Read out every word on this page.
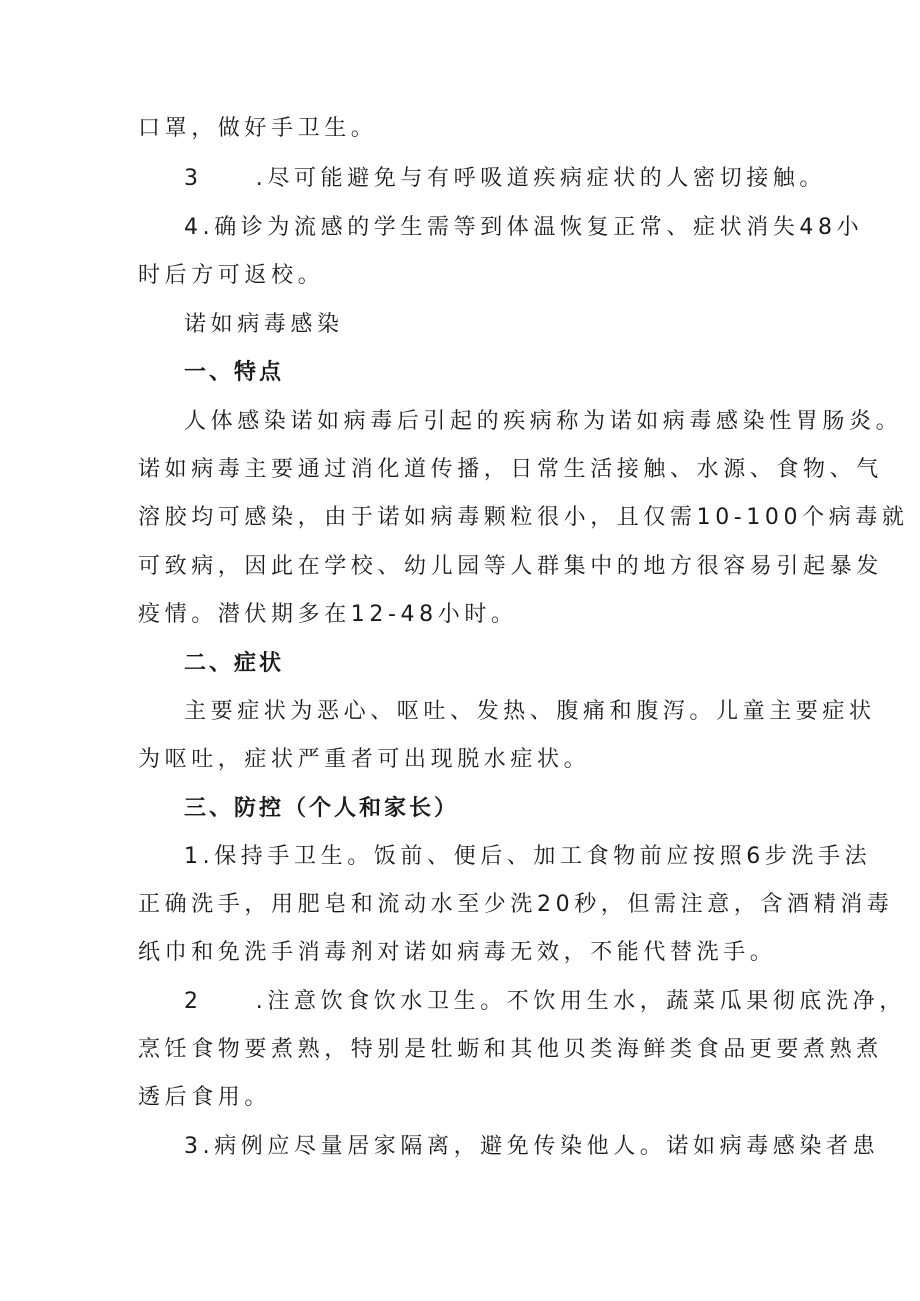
口罩，做好手卫生。
3　　.尽可能避免与有呼吸道疾病症状的人密切接触。
4.确诊为流感的学生需等到体温恢复正常、症状消失48小
时后方可返校。
诺如病毒感染
一、特点
人体感染诺如病毒后引起的疾病称为诺如病毒感染性胃肠炎。
诺如病毒主要通过消化道传播，日常生活接触、水源、食物、气
溶胶均可感染，由于诺如病毒颗粒很小，且仅需10-100个病毒就
可致病，因此在学校、幼儿园等人群集中的地方很容易引起暴发
疫情。潜伏期多在12-48小时。
二、症状
主要症状为恶心、呕吐、发热、腹痛和腹泻。儿童主要症状
为呕吐，症状严重者可出现脱水症状。
三、防控（个人和家长）
1.保持手卫生。饭前、便后、加工食物前应按照6步洗手法
正确洗手，用肥皂和流动水至少洗20秒，但需注意，含酒精消毒
纸巾和免洗手消毒剂对诺如病毒无效，不能代替洗手。
2　　.注意饮食饮水卫生。不饮用生水，蔬菜瓜果彻底洗净，
烹饪食物要煮熟，特别是牡蛎和其他贝类海鲜类食品更要煮熟煮
透后食用。
3.病例应尽量居家隔离，避免传染他人。诺如病毒感染者患
